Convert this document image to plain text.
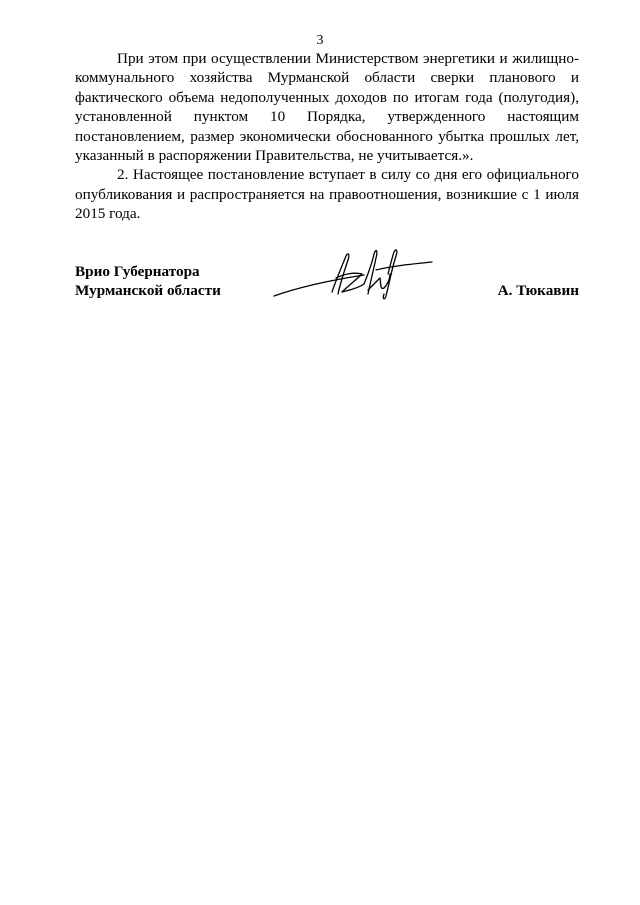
3

При этом при осуществлении Министерством энергетики и жилищно-коммунального хозяйства Мурманской области сверки планового и фактического объема недополученных доходов по итогам года (полугодия), установленной пунктом 10 Порядка, утвержденного настоящим постановлением, размер экономически обоснованного убытка прошлых лет, указанный в распоряжении Правительства, не учитывается.».

2. Настоящее постановление вступает в силу со дня его официального опубликования и распространяется на правоотношения, возникшие с 1 июля 2015 года.

Врио Губернатора
Мурманской области	А. Тюкавин
